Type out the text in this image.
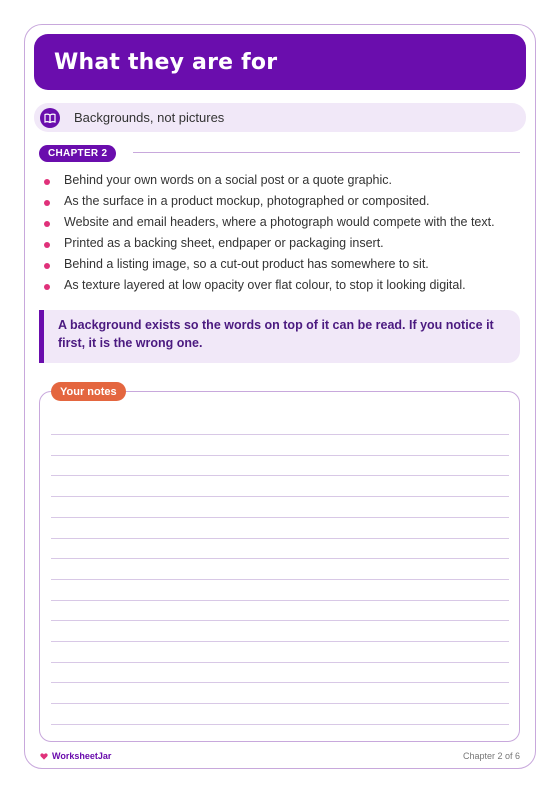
What they are for
Backgrounds, not pictures
CHAPTER 2
Behind your own words on a social post or a quote graphic.
As the surface in a product mockup, photographed or composited.
Website and email headers, where a photograph would compete with the text.
Printed as a backing sheet, endpaper or packaging insert.
Behind a listing image, so a cut-out product has somewhere to sit.
As texture layered at low opacity over flat colour, to stop it looking digital.

A background exists so the words on top of it can be read. If you notice it first, it is the wrong one.

Your notes
WorksheetJar	Chapter 2 of 6
